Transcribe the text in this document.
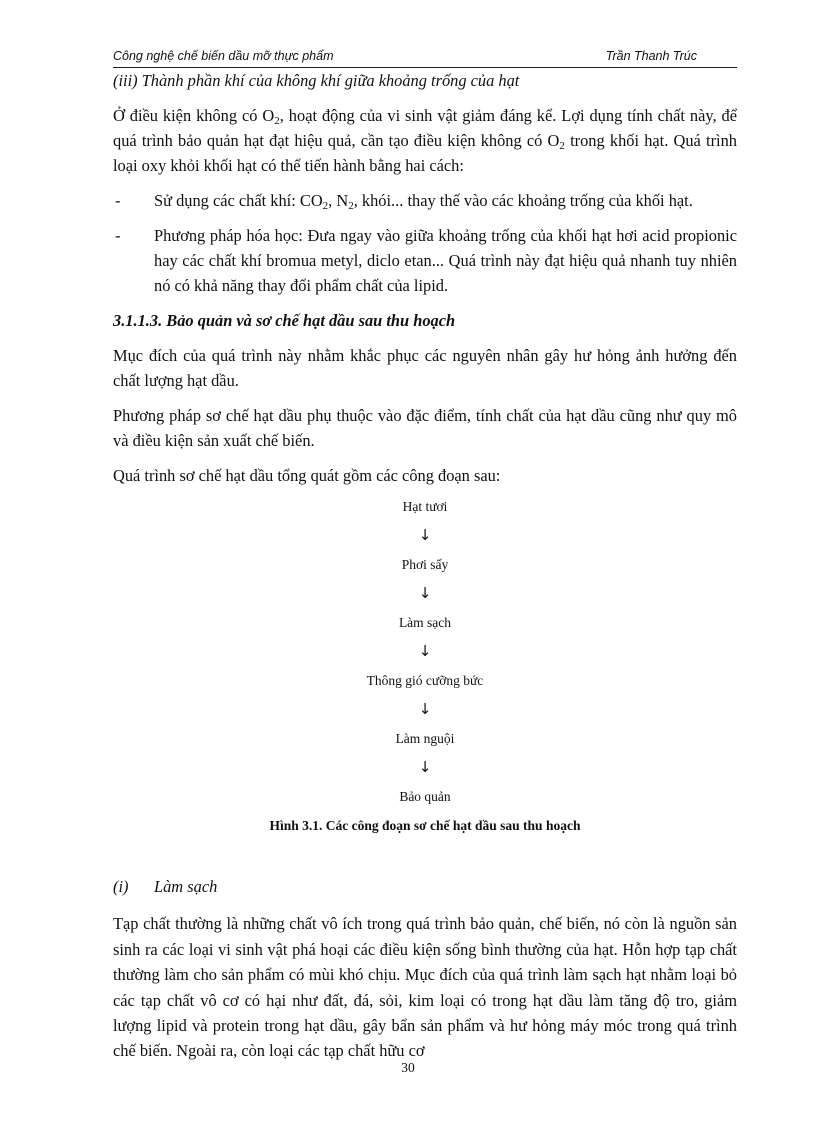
Công nghệ chế biến dầu mỡ thực phẩm	Trần Thanh Trúc

(iii) Thành phần khí của không khí giữa khoảng trống của hạt

Ở điều kiện không có $O_2$, hoạt động của vi sinh vật giảm đáng kể. Lợi dụng tính chất này, để quá trình bảo quản hạt đạt hiệu quả, cần tạo điều kiện không có $O_2$ trong khối hạt. Quá trình loại oxy khỏi khối hạt có thể tiến hành bằng hai cách:

- Sử dụng các chất khí: $CO_2$, $N_2$, khói... thay thế vào các khoảng trống của khối hạt.
- Phương pháp hóa học: Đưa ngay vào giữa khoảng trống của khối hạt hơi acid propionic hay các chất khí bromua metyl, diclo etan... Quá trình này đạt hiệu quả nhanh tuy nhiên nó có khả năng thay đổi phẩm chất của lipid.

3.1.1.3. Bảo quản và sơ chế hạt dầu sau thu hoạch

Mục đích của quá trình này nhằm khắc phục các nguyên nhân gây hư hỏng ảnh hưởng đến chất lượng hạt dầu.

Phương pháp sơ chế hạt dầu phụ thuộc vào đặc điểm, tính chất của hạt dầu cũng như quy mô và điều kiện sản xuất chế biến.

Quá trình sơ chế hạt dầu tổng quát gồm các công đoạn sau:

Hạt tươi
↓
Phơi sấy
↓
Làm sạch
↓
Thông gió cưỡng bức
↓
Làm nguội
↓
Bảo quản
Hình 3.1. Các công đoạn sơ chế hạt dầu sau thu hoạch

(i) Làm sạch

Tạp chất thường là những chất vô ích trong quá trình bảo quản, chế biến, nó còn là nguồn sản sinh ra các loại vi sinh vật phá hoại các điều kiện sống bình thường của hạt. Hỗn hợp tạp chất thường làm cho sản phẩm có mùi khó chịu. Mục đích của quá trình làm sạch hạt nhằm loại bỏ các tạp chất vô cơ có hại như đất, đá, sỏi, kim loại có trong hạt dầu làm tăng độ tro, giảm lượng lipid và protein trong hạt dầu, gây bẩn sản phẩm và hư hỏng máy móc trong quá trình chế biến. Ngoài ra, còn loại các tạp chất hữu cơ

30
